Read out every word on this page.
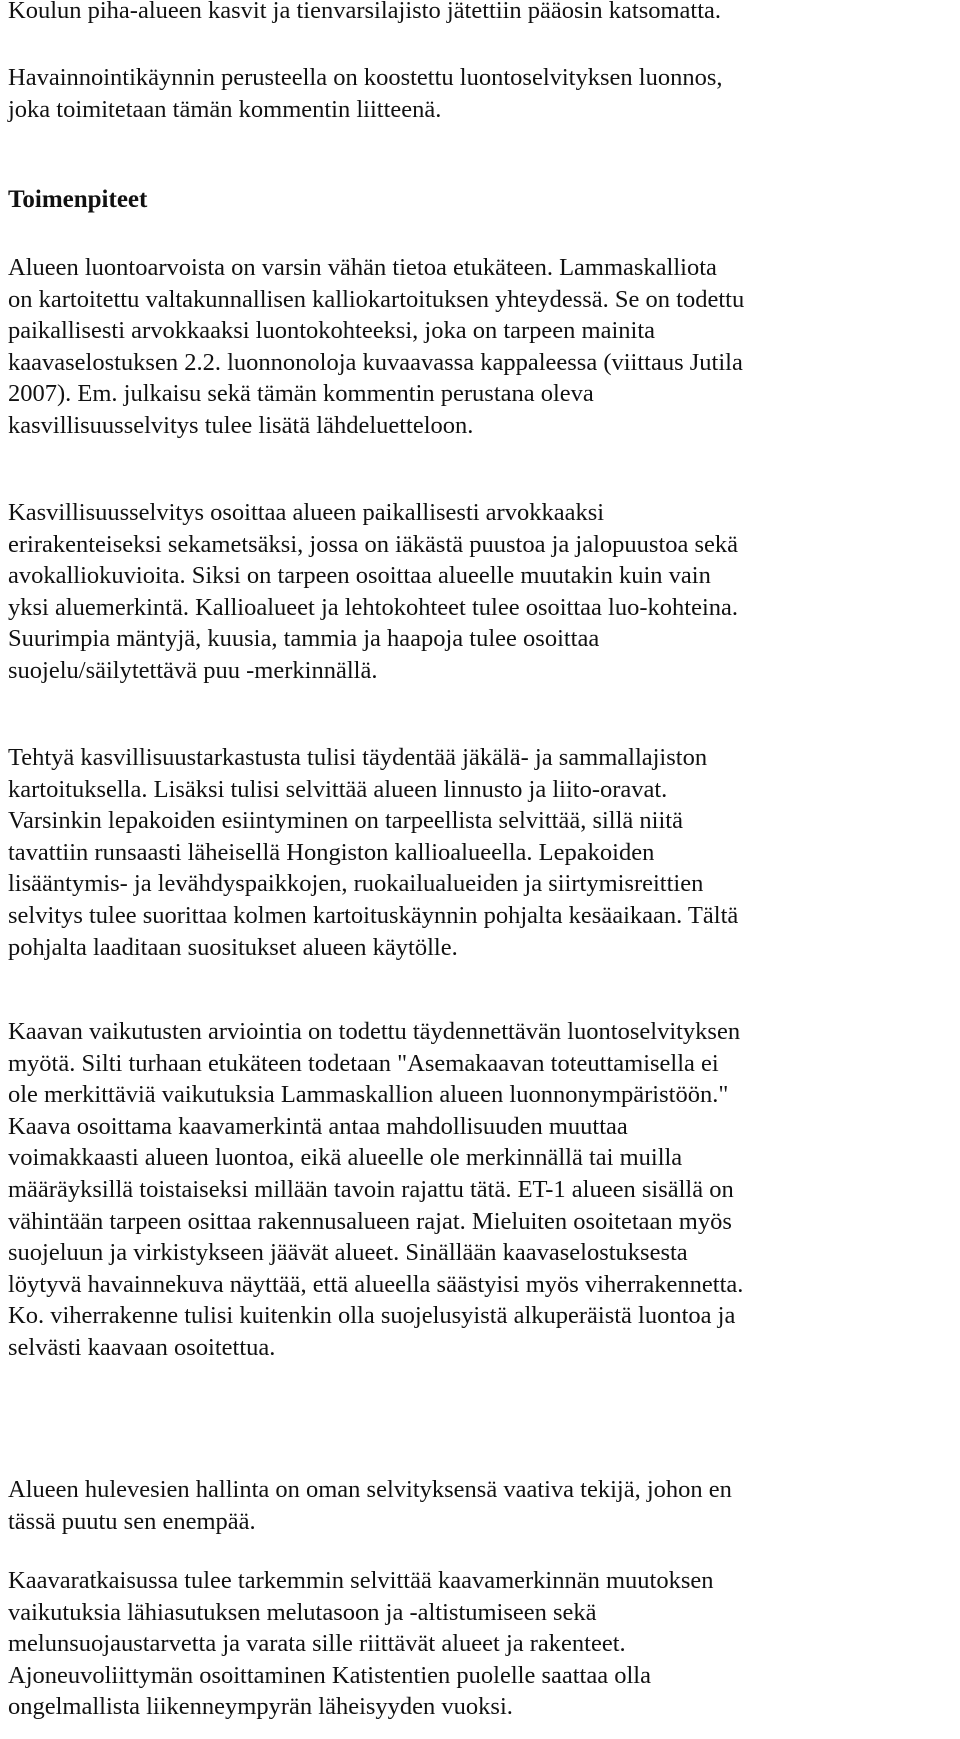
Koulun piha-alueen kasvit ja tienvarsilajisto jätettiin pääosin katsomatta.
Havainnointikäynnin perusteella on koostettu luontoselvityksen luonnos,
joka toimitetaan tämän kommentin liitteenä.
Toimenpiteet
Alueen luontoarvoista on varsin vähän tietoa etukäteen. Lammaskalliota
on kartoitettu valtakunnallisen kalliokartoituksen yhteydessä. Se on todettu
paikallisesti arvokkaaksi luontokohteeksi, joka on tarpeen mainita
kaavaselostuksen 2.2. luonnonoloja kuvaavassa kappaleessa (viittaus Jutila
2007). Em. julkaisu sekä tämän kommentin perustana oleva
kasvillisuusselvitys tulee lisätä lähdeluetteloon.
Kasvillisuusselvitys osoittaa alueen paikallisesti arvokkaaksi
erirakenteiseksi sekametsäksi, jossa on iäkästä puustoa ja jalopuustoa sekä
avokalliokuvioita. Siksi on tarpeen osoittaa alueelle muutakin kuin vain
yksi aluemerkintä. Kallioalueet ja lehtokohteet tulee osoittaa luo-kohteina.
Suurimpia mäntyjä, kuusia, tammia ja haapoja tulee osoittaa
suojelu/säilytettävä puu -merkinnällä.
Tehtyä kasvillisuustarkastusta tulisi täydentää jäkälä- ja sammallajiston
kartoituksella. Lisäksi tulisi selvittää alueen linnusto ja liito-oravat.
Varsinkin lepakoiden esiintyminen on tarpeellista selvittää, sillä niitä
tavattiin runsaasti läheisellä Hongiston kallioalueella. Lepakoiden
lisääntymis- ja levähdyspaikkojen, ruokailualueiden ja siirtymisreittien
selvitys tulee suorittaa kolmen kartoituskäynnin pohjalta kesäaikaan. Tältä
pohjalta laaditaan suositukset alueen käytölle.
Kaavan vaikutusten arviointia on todettu täydennettävän luontoselvityksen
myötä. Silti turhaan etukäteen todetaan "Asemakaavan toteuttamisella ei
ole merkittäviä vaikutuksia Lammaskallion alueen luonnonympäristöön."
Kaava osoittama kaavamerkintä antaa mahdollisuuden muuttaa
voimakkaasti alueen luontoa, eikä alueelle ole merkinnällä tai muilla
määräyksillä toistaiseksi millään tavoin rajattu tätä. ET-1 alueen sisällä on
vähintään tarpeen osittaa rakennusalueen rajat. Mieluiten osoitetaan myös
suojeluun ja virkistykseen jäävät alueet. Sinällään kaavaselostuksesta
löytyvä havainnekuva näyttää, että alueella säästyisi myös viherrakennetta.
Ko. viherrakenne tulisi kuitenkin olla suojelusyistä alkuperäistä luontoa ja
selvästi kaavaan osoitettua.
Alueen hulevesien hallinta on oman selvityksensä vaativa tekijä, johon en
tässä puutu sen enempää.
Kaavaratkaisussa tulee tarkemmin selvittää kaavamerkinnän muutoksen
vaikutuksia lähiasutuksen melutasoon ja -altistumiseen sekä
melunsuojaustarvetta ja varata sille riittävät alueet ja rakenteet.
Ajoneuvoliittymän osoittaminen Katistentien puolelle saattaa olla
ongelmallista liikenneympyrän läheisyyden vuoksi.
